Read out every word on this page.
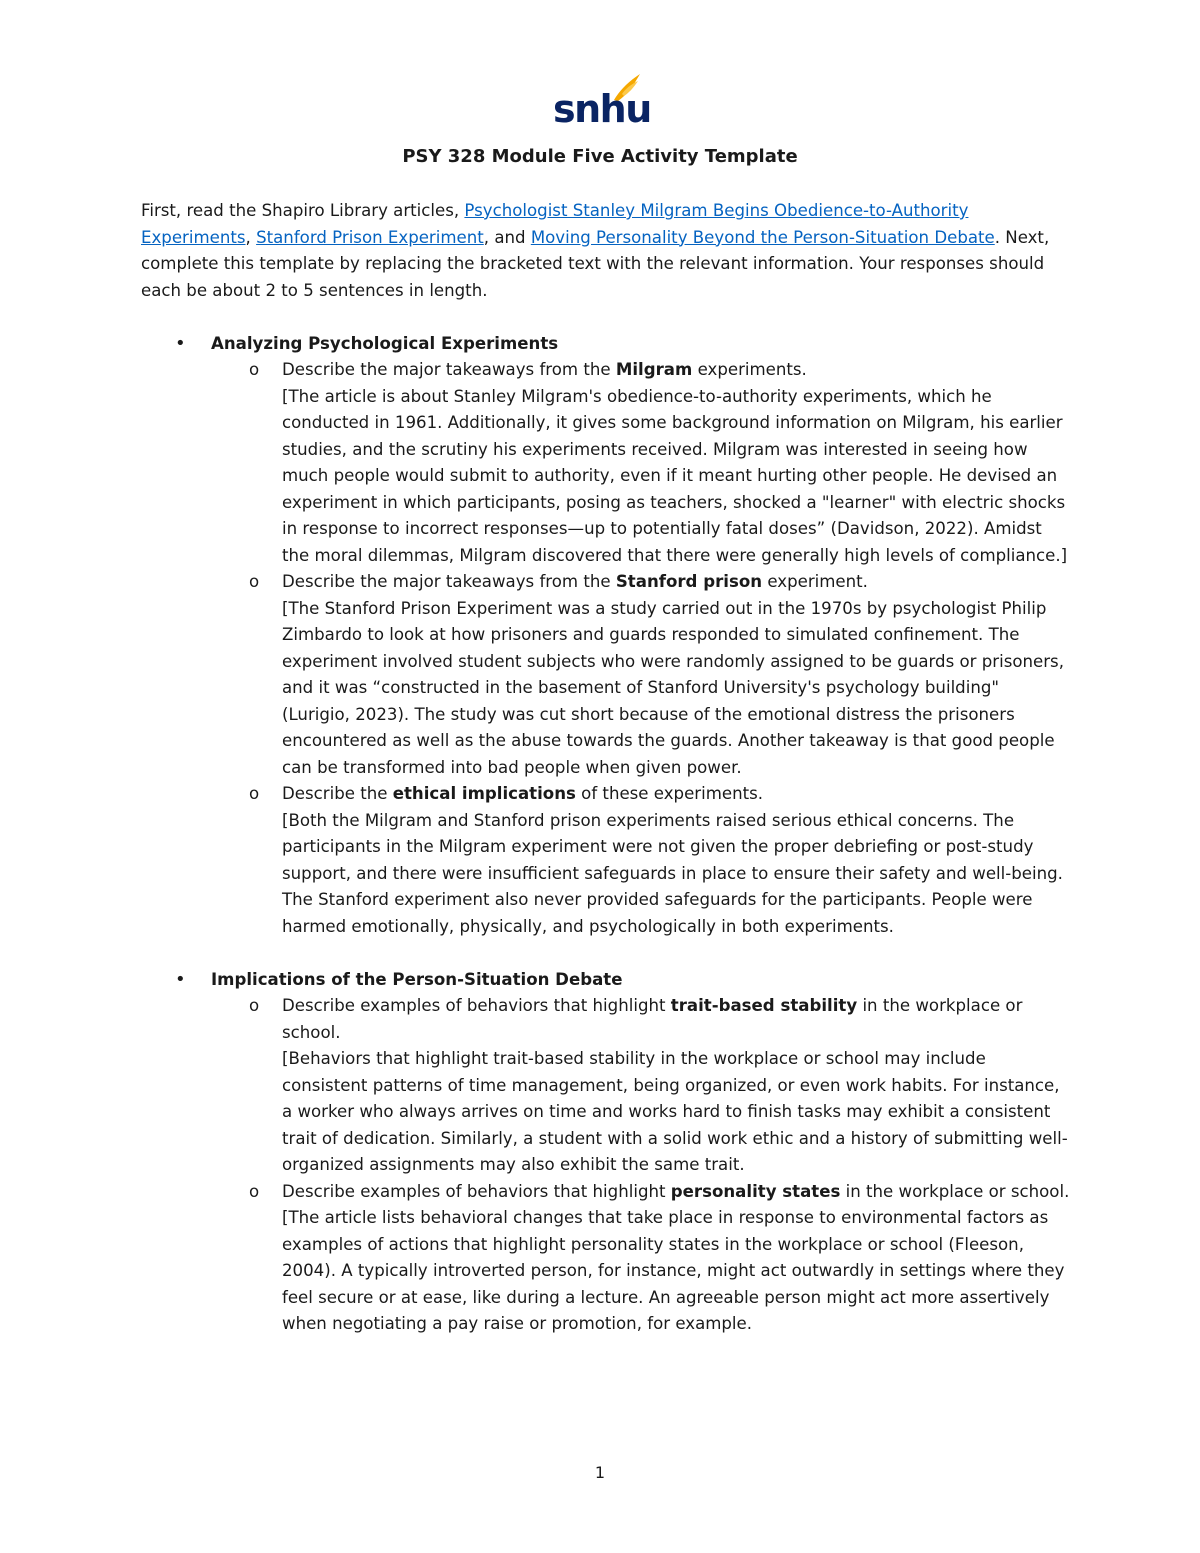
snhu
PSY 328 Module Five Activity Template

First, read the Shapiro Library articles, Psychologist Stanley Milgram Begins Obedience-to-Authority Experiments, Stanford Prison Experiment, and Moving Personality Beyond the Person-Situation Debate. Next, complete this template by replacing the bracketed text with the relevant information. Your responses should each be about 2 to 5 sentences in length.

• Analyzing Psychological Experiments
o Describe the major takeaways from the Milgram experiments.

[The article is about Stanley Milgram's obedience-to-authority experiments, which he conducted in 1961. Additionally, it gives some background information on Milgram, his earlier studies, and the scrutiny his experiments received. Milgram was interested in seeing how much people would submit to authority, even if it meant hurting other people. He devised an experiment in which participants, posing as teachers, shocked a "learner" with electric shocks in response to incorrect responses—up to potentially fatal doses” (Davidson, 2022). Amidst the moral dilemmas, Milgram discovered that there were generally high levels of compliance.]

o Describe the major takeaways from the Stanford prison experiment.

[The Stanford Prison Experiment was a study carried out in the 1970s by psychologist Philip Zimbardo to look at how prisoners and guards responded to simulated confinement. The experiment involved student subjects who were randomly assigned to be guards or prisoners, and it was “constructed in the basement of Stanford University's psychology building" (Lurigio, 2023). The study was cut short because of the emotional distress the prisoners encountered as well as the abuse towards the guards. Another takeaway is that good people can be transformed into bad people when given power.

o Describe the ethical implications of these experiments.

[Both the Milgram and Stanford prison experiments raised serious ethical concerns. The participants in the Milgram experiment were not given the proper debriefing or post-study support, and there were insufficient safeguards in place to ensure their safety and well-being. The Stanford experiment also never provided safeguards for the participants. People were harmed emotionally, physically, and psychologically in both experiments.

• Implications of the Person-Situation Debate
o Describe examples of behaviors that highlight trait-based stability in the workplace or school.

[Behaviors that highlight trait-based stability in the workplace or school may include consistent patterns of time management, being organized, or even work habits. For instance, a worker who always arrives on time and works hard to finish tasks may exhibit a consistent trait of dedication. Similarly, a student with a solid work ethic and a history of submitting well-organized assignments may also exhibit the same trait.

o Describe examples of behaviors that highlight personality states in the workplace or school.

[The article lists behavioral changes that take place in response to environmental factors as examples of actions that highlight personality states in the workplace or school (Fleeson, 2004). A typically introverted person, for instance, might act outwardly in settings where they feel secure or at ease, like during a lecture. An agreeable person might act more assertively when negotiating a pay raise or promotion, for example.

1
